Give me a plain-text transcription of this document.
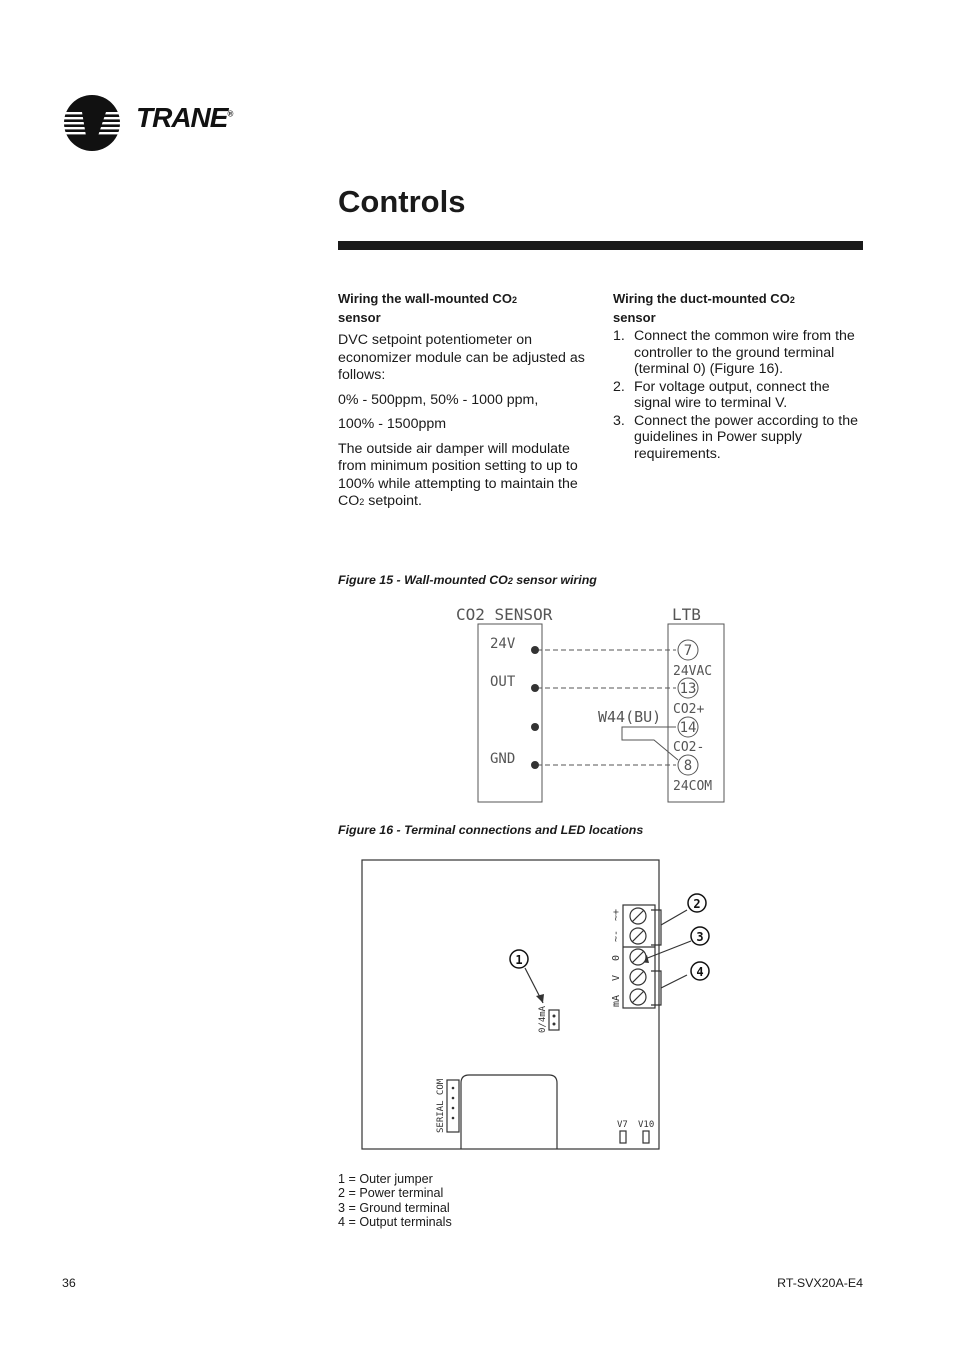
TRANE®
Controls
Wiring the wall-mounted CO2
sensor

DVC setpoint potentiometer on economizer module can be adjusted as follows:

0% - 500ppm, 50% - 1000 ppm,

100% - 1500ppm

The outside air damper will modulate from minimum position setting to up to 100% while attempting to maintain the CO2 setpoint.

Wiring the duct-mounted CO2
sensor
1. Connect the common wire from the controller to the ground terminal (terminal 0) (Figure 16).
2. For voltage output, connect the signal wire to terminal V.
3. Connect the power according to the guidelines in Power supply requirements.
Figure 15 - Wall-mounted CO2 sensor wiring
CO2 SENSOR	LTB
24V
OUT
GND
W44(BU)
7
13
14
8
24VAC
CO2+
CO2-
24COM
Figure 16 - Terminal connections and LED locations
1
2
3
4
~+
~-
0
V
mA
0/4mA
SERIAL COM	V7 V10
1 = Outer jumper
2 = Power terminal
3 = Ground terminal
4 = Output terminals
36	RT-SVX20A-E4
